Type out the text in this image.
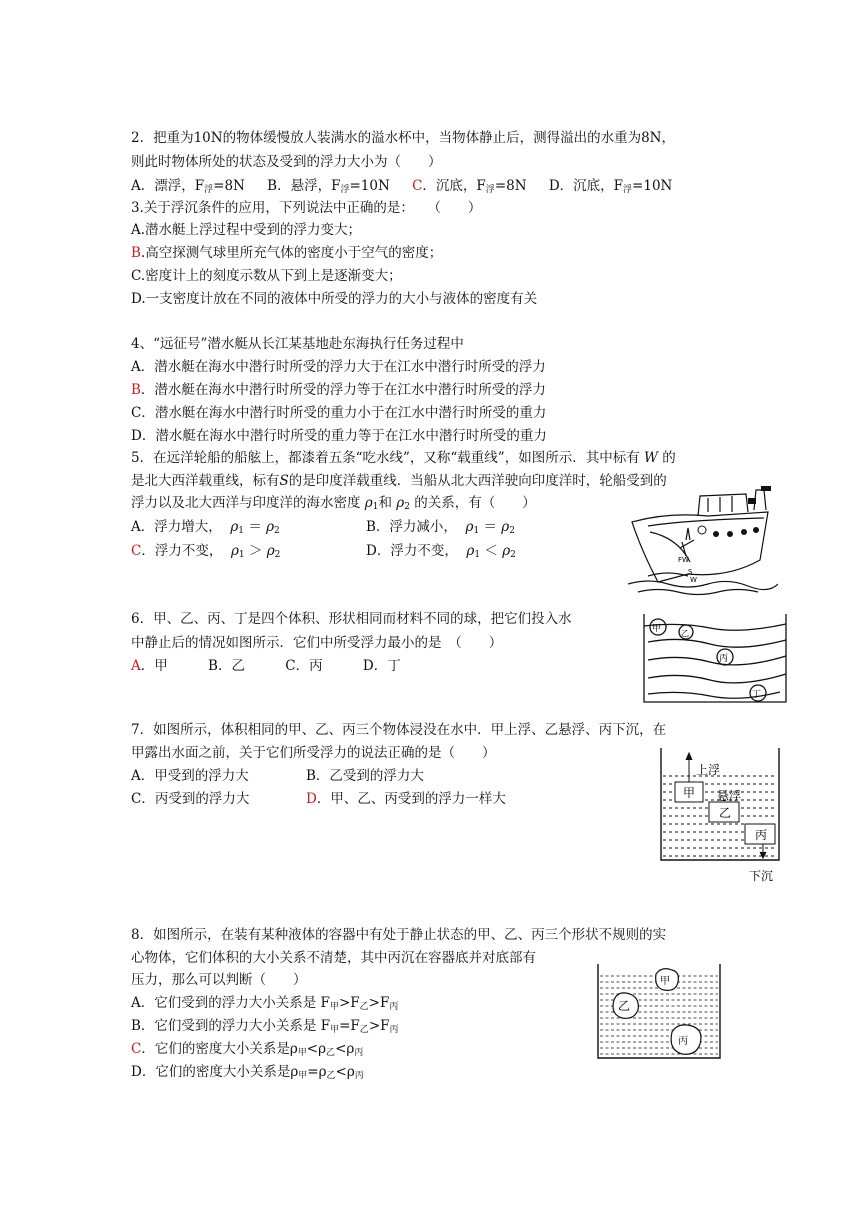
2．把重为10N的物体缓慢放人装满水的溢水杯中，当物体静止后，测得溢出的水重为8N，
则此时物体所处的状态及受到的浮力大小为（　　）
A．漂浮，$F_浮=8N$ B．悬浮，$F_浮=10N$ C．沉底，$F_浮=8N$ D．沉底，$F_浮=10N$
3.关于浮沉条件的应用，下列说法中正确的是：　　（　　）
A.潜水艇上浮过程中受到的浮力变大；
B.高空探测气球里所充气体的密度小于空气的密度；
C.密度计上的刻度示数从下到上是逐渐变大；
D.一支密度计放在不同的液体中所受的浮力的大小与液体的密度有关
4、“远征号”潜水艇从长江某基地赴东海执行任务过程中
A．潜水艇在海水中潜行时所受的浮力大于在江水中潜行时所受的浮力
B．潜水艇在海水中潜行时所受的浮力等于在江水中潜行时所受的浮力
C．潜水艇在海水中潜行时所受的重力小于在江水中潜行时所受的重力
D．潜水艇在海水中潜行时所受的重力等于在江水中潜行时所受的重力
5．在远洋轮船的船舷上，都漆着五条“吃水线”，又称“载重线”，如图所示．其中标有 W 的
是北大西洋载重线，标有S的是印度洋载重线．当船从北大西洋驶向印度洋时，轮船受到的
浮力以及北大西洋与印度洋的海水密度 $\rho_1$和 $\rho_2$ 的关系，有（　　）
A．浮力增大， $\rho_1 = \rho_2$	B．浮力减小， $\rho_1 = \rho_2$
C．浮力不变， $\rho_1 > \rho_2$	D．浮力不变， $\rho_1 < \rho_2$	FW
S
W
6．甲、乙、丙、丁是四个体积、形状相同而材料不同的球，把它们投入水
中静止后的情况如图所示．它们中所受浮力最小的是　（　　）
A．甲	B．乙	C．丙	D．丁
甲 乙
丙
丁
7．如图所示，体积相同的甲、乙、丙三个物体浸没在水中．甲上浮、乙悬浮、丙下沉，在
甲露出水面之前，关于它们所受浮力的说法正确的是（　　）
A．甲受到的浮力大	B．乙受到的浮力大
C．丙受到的浮力大	D．甲、乙、丙受到的浮力一样大
上浮
悬浮
下沉
甲
乙
丙
8．如图所示，在装有某种液体的容器中有处于静止状态的甲、乙、丙三个形状不规则的实
心物体，它们体积的大小关系不清楚，其中丙沉在容器底并对底部有
压力，那么可以判断（　　）
A．它们受到的浮力大小关系是 $F_甲>F_乙>F_丙$
B．它们受到的浮力大小关系是 $F_甲=F_乙>F_丙$
C．它们的密度大小关系是$\rho_甲<\rho_乙<\rho_丙$
D．它们的密度大小关系是$\rho_甲=\rho_乙<\rho_丙$
甲
乙
丙
